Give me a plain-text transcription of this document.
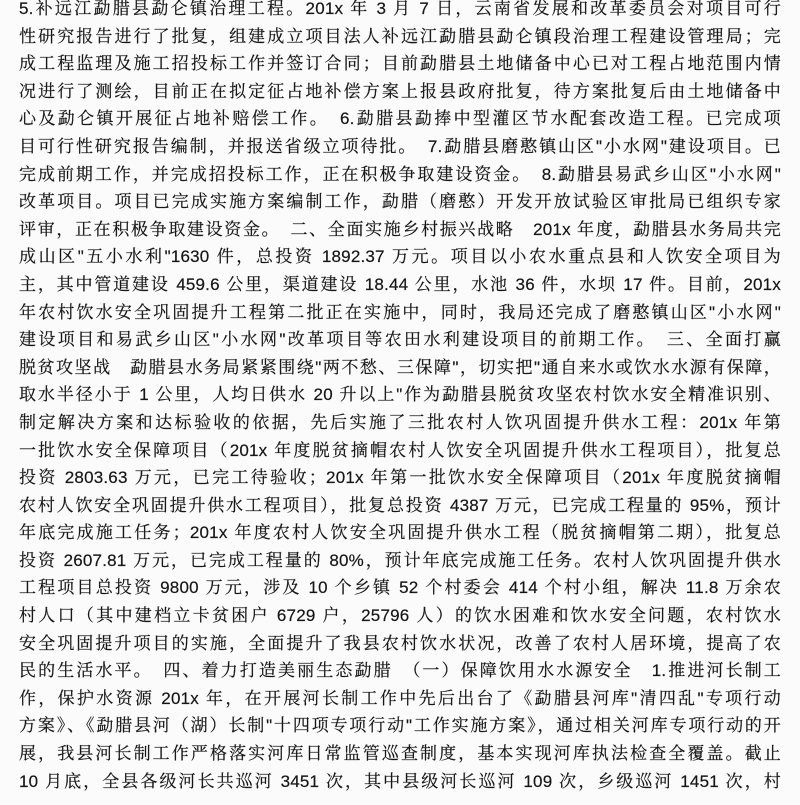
5.补远江勐腊县勐仑镇治理工程。201x 年 3 月 7 日，云南省发展和改革委员会对项目可行
性研究报告进行了批复，组建成立项目法人补远江勐腊县勐仑镇段治理工程建设管理局；完
成工程监理及施工招投标工作并签订合同；目前勐腊县土地储备中心已对工程占地范围内情
况进行了测绘，目前正在拟定征占地补偿方案上报县政府批复，待方案批复后由土地储备中
心及勐仑镇开展征占地补赔偿工作。　6.勐腊县勐捧中型灌区节水配套改造工程。已完成项
目可行性研究报告编制，并报送省级立项待批。　7.勐腊县磨憨镇山区"小水网"建设项目。已
完成前期工作，并完成招投标工作，正在积极争取建设资金。　8.勐腊县易武乡山区"小水网"
改革项目。项目已完成实施方案编制工作，勐腊（磨憨）开发开放试验区审批局已组织专家
评审，正在积极争取建设资金。　二、全面实施乡村振兴战略　201x 年度，勐腊县水务局共完
成山区"五小水利"1630 件，总投资 1892.37 万元。项目以小农水重点县和人饮安全项目为
主，其中管道建设 459.6 公里，渠道建设 18.44 公里，水池 36 件，水坝 17 件。目前，201x
年农村饮水安全巩固提升工程第二批正在实施中，同时，我局还完成了磨憨镇山区"小水网"
建设项目和易武乡山区"小水网"改革项目等农田水利建设项目的前期工作。　三、全面打赢
脱贫攻坚战　勐腊县水务局紧紧围绕"两不愁、三保障"，切实把"通自来水或饮水水源有保障，
取水半径小于 1 公里，人均日供水 20 升以上"作为勐腊县脱贫攻坚农村饮水安全精准识别、
制定解决方案和达标验收的依据，先后实施了三批农村人饮巩固提升供水工程：201x 年第
一批饮水安全保障项目（201x 年度脱贫摘帽农村人饮安全巩固提升供水工程项目），批复总
投资 2803.63 万元，已完工待验收；201x 年第一批饮水安全保障项目（201x 年度脱贫摘帽
农村人饮安全巩固提升供水工程项目），批复总投资 4387 万元，已完成工程量的 95%，预计
年底完成施工任务；201x 年度农村人饮安全巩固提升供水工程（脱贫摘帽第二期），批复总
投资 2607.81 万元，已完成工程量的 80%，预计年底完成施工任务。农村人饮巩固提升供水
工程项目总投资 9800 万元，涉及 10 个乡镇 52 个村委会 414 个村小组，解决 11.8 万余农
村人口（其中建档立卡贫困户 6729 户，25796 人）的饮水困难和饮水安全问题，农村饮水
安全巩固提升项目的实施，全面提升了我县农村饮水状况，改善了农村人居环境，提高了农
民的生活水平。　四、着力打造美丽生态勐腊　（一）保障饮用水水源安全　1.推进河长制工
作，保护水资源 201x 年，在开展河长制工作中先后出台了《勐腊县河库"清四乱"专项行动
方案》、《勐腊县河（湖）长制"十四项专项行动"工作实施方案》，通过相关河库专项行动的开
展，我县河长制工作严格落实河库日常监管巡查制度，基本实现河库执法检查全覆盖。截止
10 月底，全县各级河长共巡河 3451 次，其中县级河长巡河 109 次，乡级巡河 1451 次，村
